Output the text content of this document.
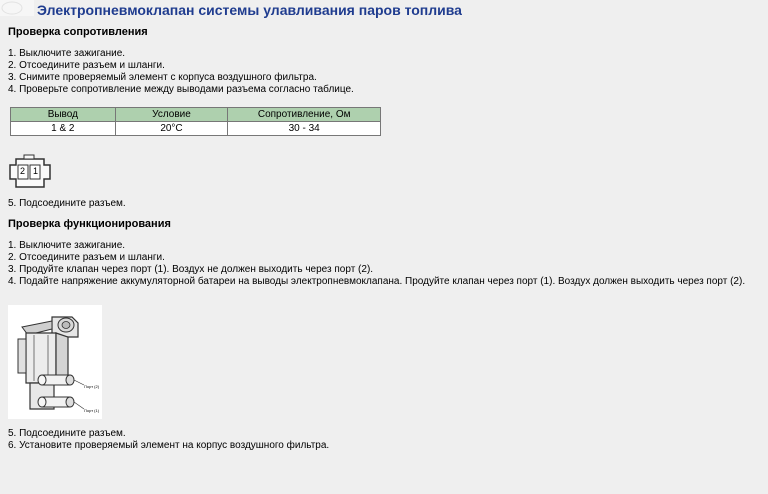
Электропневмоклапан системы улавливания паров топлива
Проверка сопротивления
1. Выключите зажигание.
2. Отсоедините разъем и шланги.
3. Снимите проверяемый элемент с корпуса воздушного фильтра.
4. Проверьте сопротивление между выводами разъема согласно таблице.
Вывод	Условие	Сопротивление, Ом
1 & 2	20°C	30 - 34
2 1
5. Подсоедините разъем.
Проверка функционирования
1. Выключите зажигание.
2. Отсоедините разъем и шланги.
3. Продуйте клапан через порт (1). Воздух не должен выходить через порт (2).
4. Подайте напряжение аккумуляторной батареи на выводы электропневмоклапана. Продуйте клапан через порт (1). Воздух должен выходить через порт (2).
Порт (2)
Порт (1)
5. Подсоедините разъем.
6. Установите проверяемый элемент на корпус воздушного фильтра.
